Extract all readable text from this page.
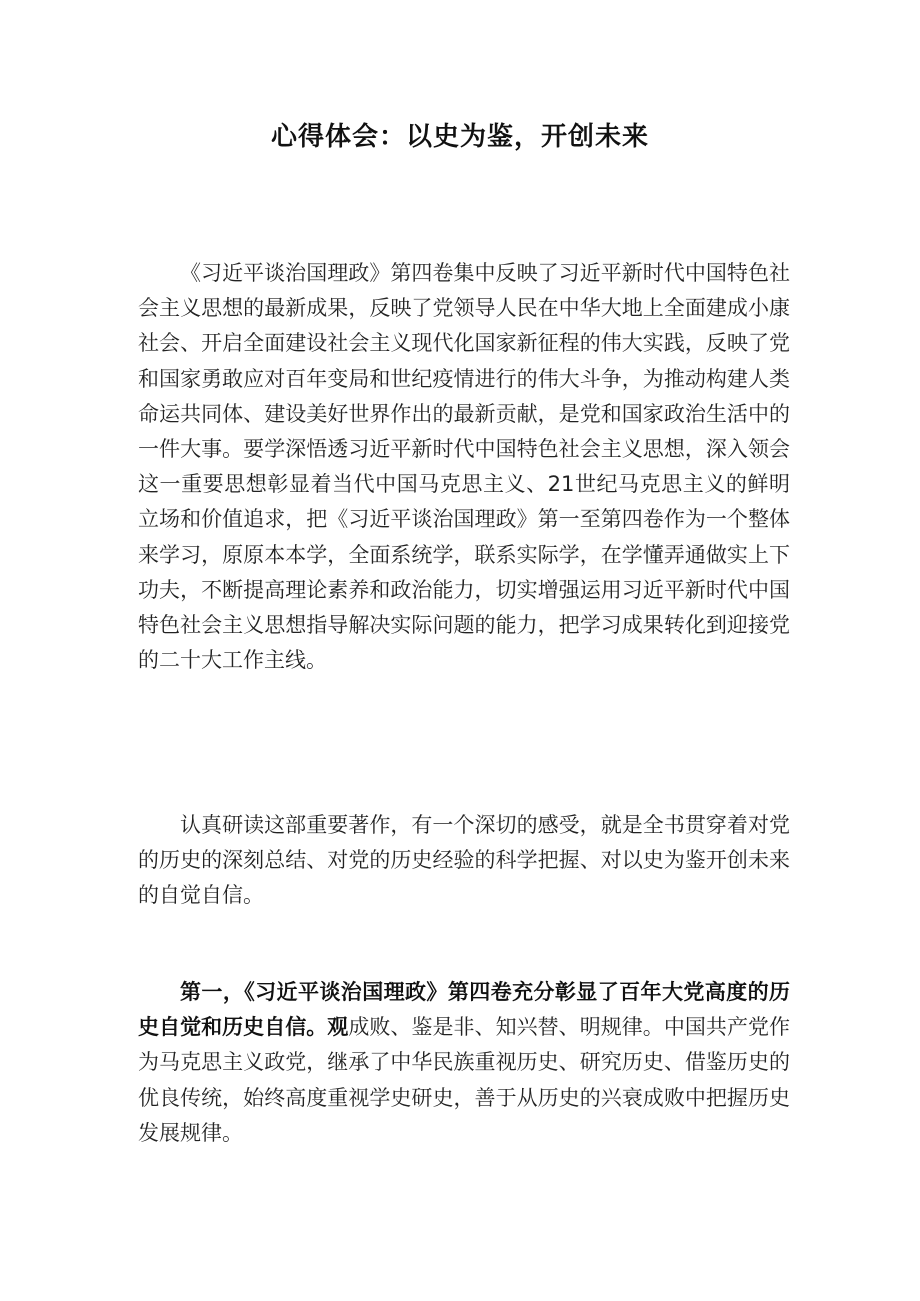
心得体会：以史为鉴，开创未来

《习近平谈治国理政》第四卷集中反映了习近平新时代中国特色社会主义思想的最新成果，反映了党领导人民在中华大地上全面建成小康社会、开启全面建设社会主义现代化国家新征程的伟大实践，反映了党和国家勇敢应对百年变局和世纪疫情进行的伟大斗争，为推动构建人类命运共同体、建设美好世界作出的最新贡献，是党和国家政治生活中的一件大事。要学深悟透习近平新时代中国特色社会主义思想，深入领会这一重要思想彰显着当代中国马克思主义、21世纪马克思主义的鲜明立场和价值追求，把《习近平谈治国理政》第一至第四卷作为一个整体来学习，原原本本学，全面系统学，联系实际学，在学懂弄通做实上下功夫，不断提高理论素养和政治能力，切实增强运用习近平新时代中国特色社会主义思想指导解决实际问题的能力，把学习成果转化到迎接党的二十大工作主线。

认真研读这部重要著作，有一个深切的感受，就是全书贯穿着对党的历史的深刻总结、对党的历史经验的科学把握、对以史为鉴开创未来的自觉自信。

第一，《习近平谈治国理政》第四卷充分彰显了百年大党高度的历史自觉和历史自信。观成败、鉴是非、知兴替、明规律。中国共产党作为马克思主义政党，继承了中华民族重视历史、研究历史、借鉴历史的优良传统，始终高度重视学史研史，善于从历史的兴衰成败中把握历史发展规律。
